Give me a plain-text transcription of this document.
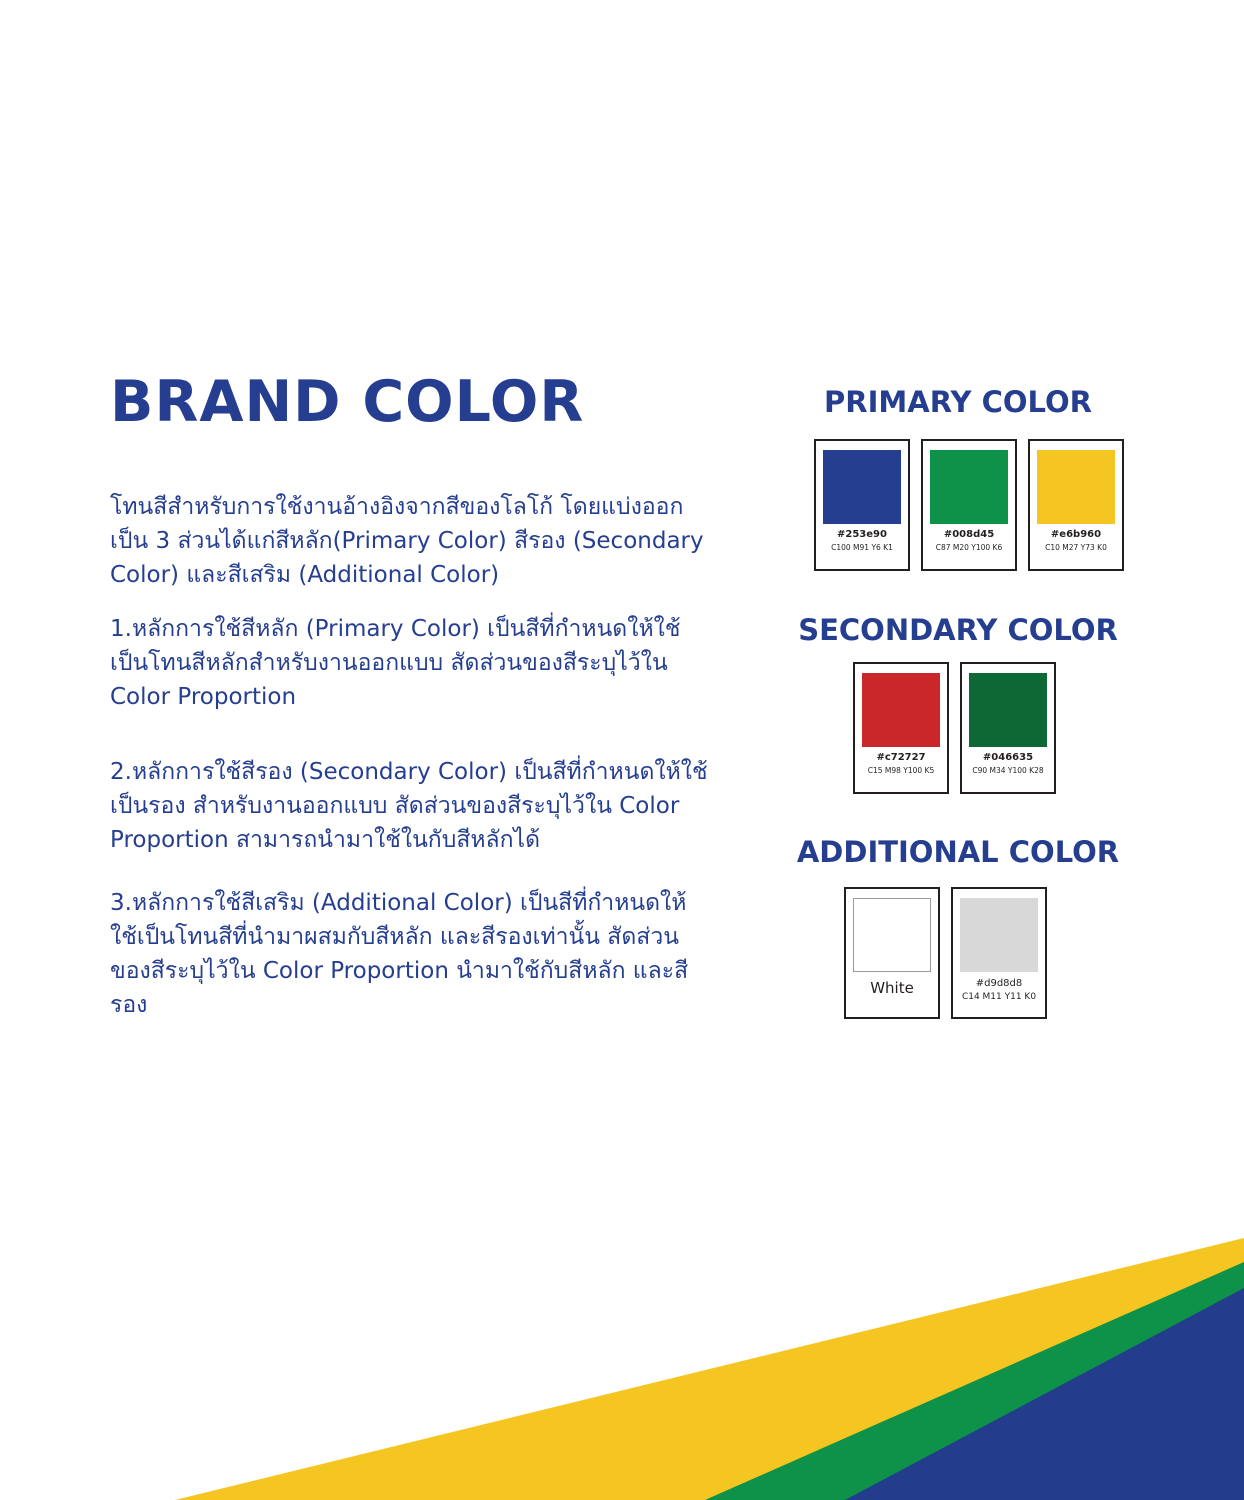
BRAND COLOR

โทนสีสำหรับการใช้งานอ้างอิงจากสีของโลโก้ โดยแบ่งออกเป็น 3 ส่วนได้แก่สีหลัก(Primary Color) สีรอง (Secondary Color) และสีเสริม (Additional Color)

1.หลักการใช้สีหลัก (Primary Color) เป็นสีที่กำหนดให้ใช้เป็นโทนสีหลักสำหรับงานออกแบบ สัดส่วนของสีระบุไว้ใน Color Proportion

2.หลักการใช้สีรอง (Secondary Color) เป็นสีที่กำหนดให้ใช้เป็นรอง สำหรับงานออกแบบ สัดส่วนของสีระบุไว้ใน Color Proportion สามารถนำมาใช้ในกับสีหลักได้

3.หลักการใช้สีเสริม (Additional Color) เป็นสีที่กำหนดให้ใช้เป็นโทนสีที่นำมาผสมกับสีหลัก และสีรองเท่านั้น สัดส่วนของสีระบุไว้ใน Color Proportion นำมาใช้กับสีหลัก และสีรอง

PRIMARY COLOR
#253e90
C100 M91 Y6 K1
#008d45
C87 M20 Y100 K6
#e6b960
C10 M27 Y73 K0
SECONDARY COLOR
#c72727
C15 M98 Y100 K5
#046635
C90 M34 Y100 K28
ADDITIONAL COLOR
White	#d9d8d8
C14 M11 Y11 K0
